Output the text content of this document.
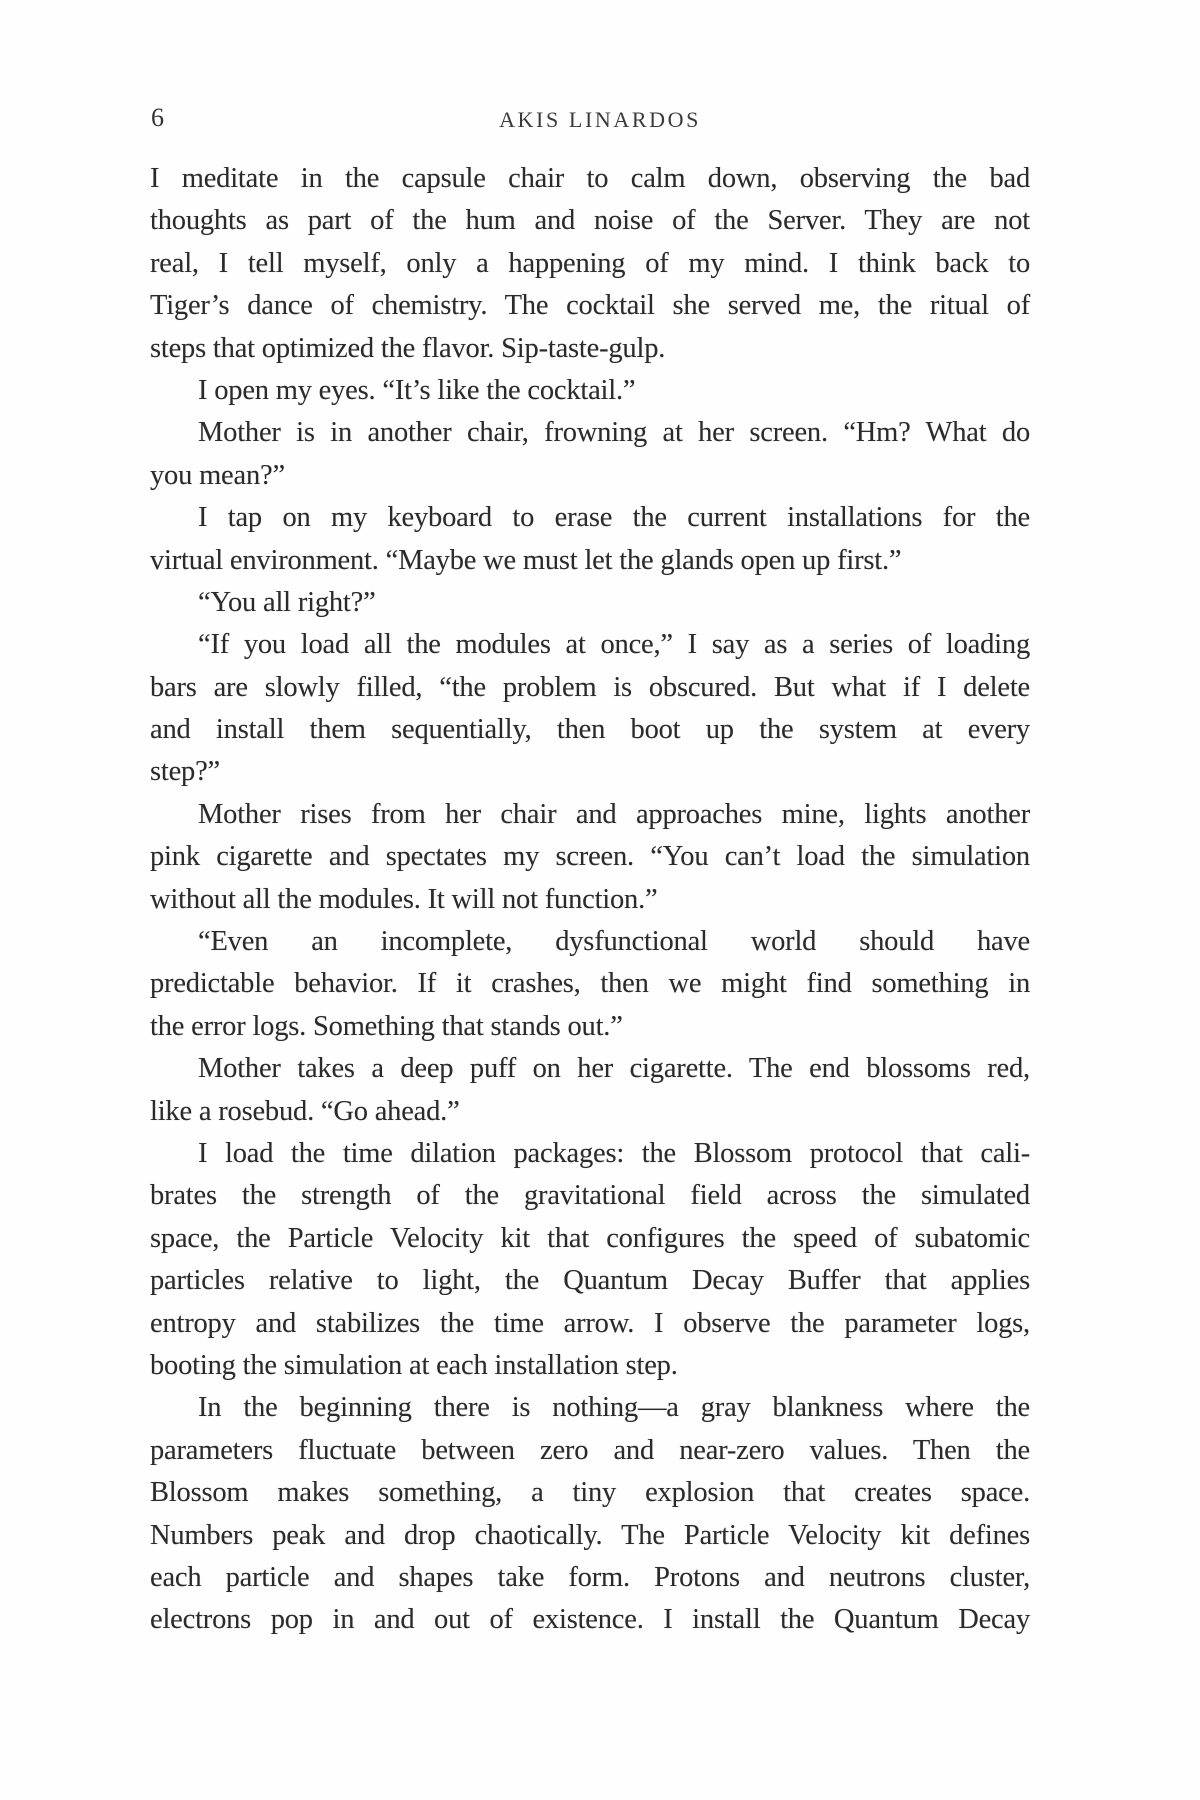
6	AKIS LINARDOS
I meditate in the capsule chair to calm down, observing the bad
thoughts as part of the hum and noise of the Server. They are not
real, I tell myself, only a happening of my mind. I think back to
Tiger’s dance of chemistry. The cocktail she served me, the ritual of
steps that optimized the flavor. Sip-taste-gulp.
I open my eyes. “It’s like the cocktail.”
Mother is in another chair, frowning at her screen. “Hm? What do
you mean?”
I tap on my keyboard to erase the current installations for the
virtual environment. “Maybe we must let the glands open up first.”
“You all right?”
“If you load all the modules at once,” I say as a series of loading
bars are slowly filled, “the problem is obscured. But what if I delete
and install them sequentially, then boot up the system at every
step?”
Mother rises from her chair and approaches mine, lights another
pink cigarette and spectates my screen. “You can’t load the simulation
without all the modules. It will not function.”
“Even an incomplete, dysfunctional world should have
predictable behavior. If it crashes, then we might find something in
the error logs. Something that stands out.”
Mother takes a deep puff on her cigarette. The end blossoms red,
like a rosebud. “Go ahead.”
I load the time dilation packages: the Blossom protocol that cali-
brates the strength of the gravitational field across the simulated
space, the Particle Velocity kit that configures the speed of subatomic
particles relative to light, the Quantum Decay Buffer that applies
entropy and stabilizes the time arrow. I observe the parameter logs,
booting the simulation at each installation step.
In the beginning there is nothing—a gray blankness where the
parameters fluctuate between zero and near-zero values. Then the
Blossom makes something, a tiny explosion that creates space.
Numbers peak and drop chaotically. The Particle Velocity kit defines
each particle and shapes take form. Protons and neutrons cluster,
electrons pop in and out of existence. I install the Quantum Decay
